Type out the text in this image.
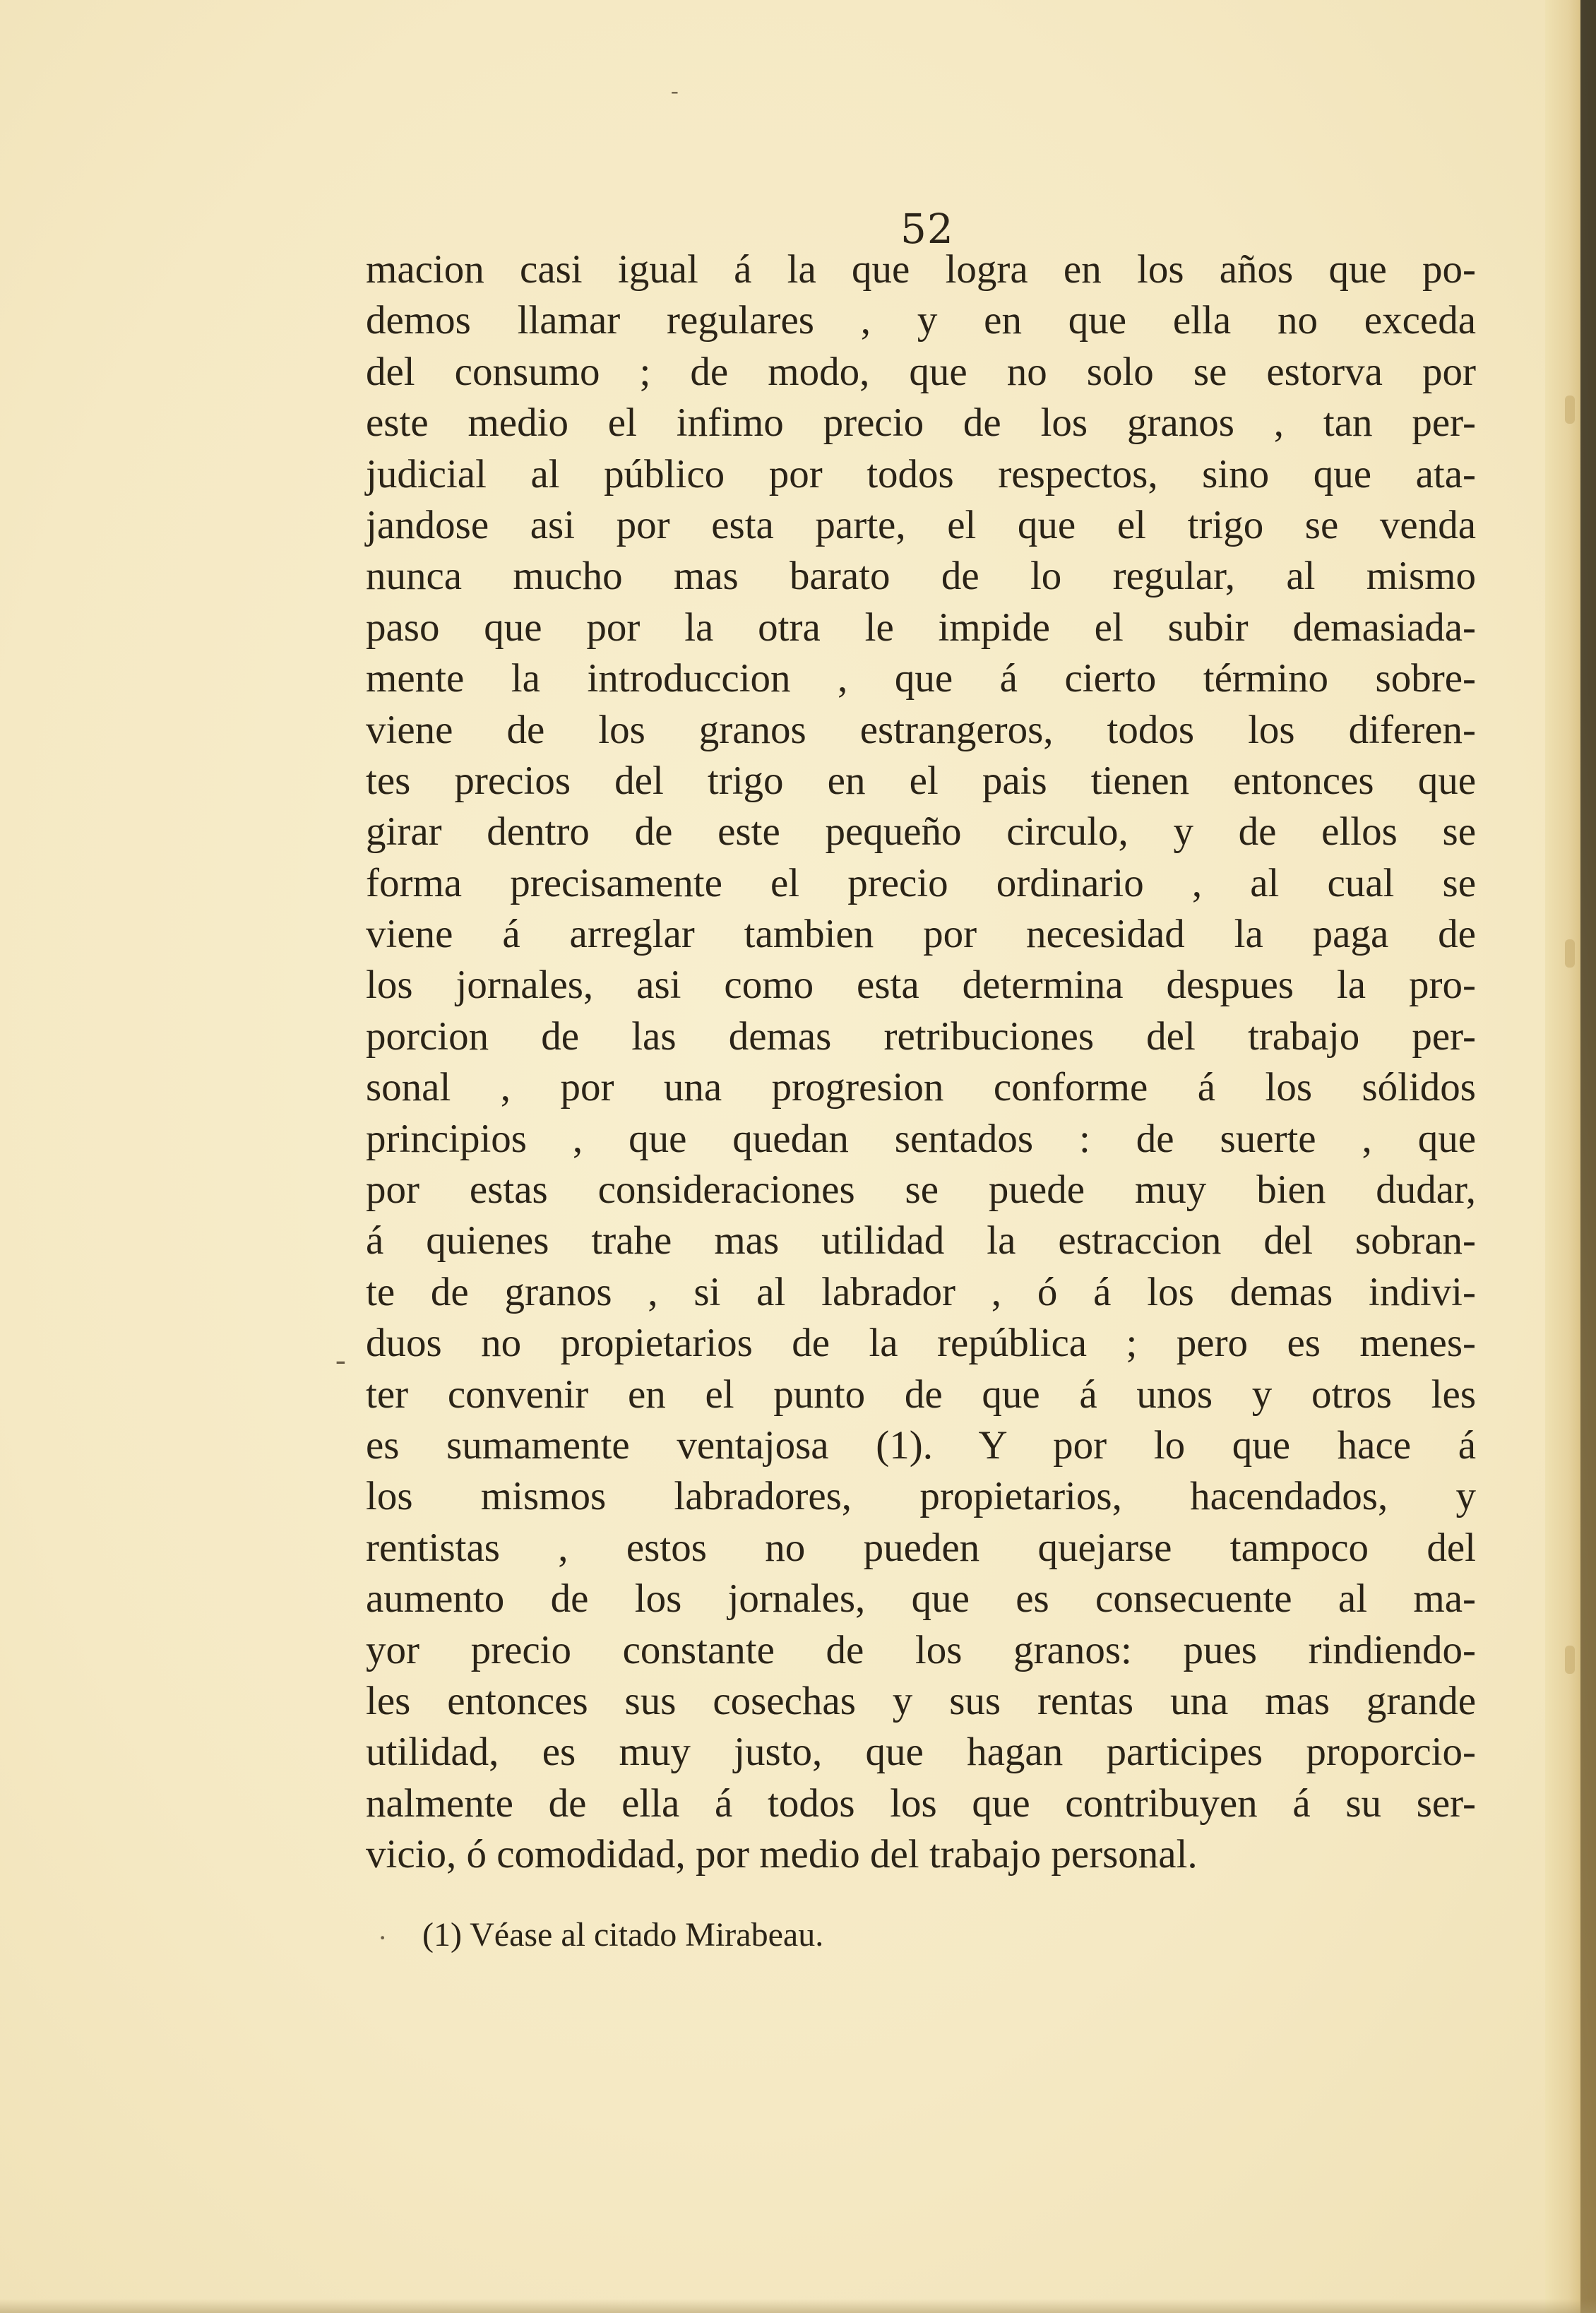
-
-
·
52
macion casi igual á la que logra en los años que po-
demos llamar regulares , y en que ella no exceda
del consumo ; de modo, que no solo se estorva por
este medio el infimo precio de los granos , tan per-
judicial al público por todos respectos, sino que ata-
jandose asi por esta parte, el que el trigo se venda
nunca mucho mas barato de lo regular, al mismo
paso que por la otra le impide el subir demasiada-
mente la introduccion , que á cierto término sobre-
viene de los granos estrangeros, todos los diferen-
tes precios del trigo en el pais tienen entonces que
girar dentro de este pequeño circulo, y de ellos se
forma precisamente el precio ordinario , al cual se
viene á arreglar tambien por necesidad la paga de
los jornales, asi como esta determina despues la pro-
porcion de las demas retribuciones del trabajo per-
sonal , por una progresion conforme á los sólidos
principios , que quedan sentados : de suerte , que
por estas consideraciones se puede muy bien dudar,
á quienes trahe mas utilidad la estraccion del sobran-
te de granos , si al labrador , ó á los demas indivi-
duos no propietarios de la república ; pero es menes-
ter convenir en el punto de que á unos y otros les
es sumamente ventajosa (1). Y por lo que hace á
los mismos labradores, propietarios, hacendados, y
rentistas , estos no pueden quejarse tampoco del
aumento de los jornales, que es consecuente al ma-
yor precio constante de los granos: pues rindiendo-
les entonces sus cosechas y sus rentas una mas grande
utilidad, es muy justo, que hagan participes proporcio-
nalmente de ella á todos los que contribuyen á su ser-
vicio, ó comodidad, por medio del trabajo personal.
(1) Véase al citado Mirabeau.
